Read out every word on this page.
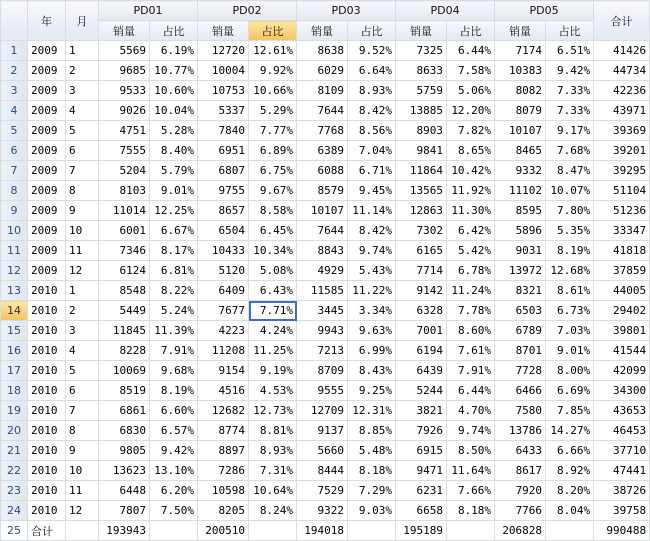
	年	月	PD01		PD02		PD03		PD04		PD05		合计
			销量	占比	销量	占比	销量	占比	销量	占比	销量	占比	
1	2009	1	5569	6.19%	12720	12.61%	8638	9.52%	7325	6.44%	7174	6.51%	41426
2	2009	2	9685	10.77%	10004	9.92%	6029	6.64%	8633	7.58%	10383	9.42%	44734
3	2009	3	9533	10.60%	10753	10.66%	8109	8.93%	5759	5.06%	8082	7.33%	42236
4	2009	4	9026	10.04%	5337	5.29%	7644	8.42%	13885	12.20%	8079	7.33%	43971
5	2009	5	4751	5.28%	7840	7.77%	7768	8.56%	8903	7.82%	10107	9.17%	39369
6	2009	6	7555	8.40%	6951	6.89%	6389	7.04%	9841	8.65%	8465	7.68%	39201
7	2009	7	5204	5.79%	6807	6.75%	6088	6.71%	11864	10.42%	9332	8.47%	39295
8	2009	8	8103	9.01%	9755	9.67%	8579	9.45%	13565	11.92%	11102	10.07%	51104
9	2009	9	11014	12.25%	8657	8.58%	10107	11.14%	12863	11.30%	8595	7.80%	51236
10	2009	10	6001	6.67%	6504	6.45%	7644	8.42%	7302	6.42%	5896	5.35%	33347
11	2009	11	7346	8.17%	10433	10.34%	8843	9.74%	6165	5.42%	9031	8.19%	41818
12	2009	12	6124	6.81%	5120	5.08%	4929	5.43%	7714	6.78%	13972	12.68%	37859
13	2010	1	8548	8.22%	6409	6.43%	11585	11.22%	9142	11.24%	8321	8.61%	44005
14	2010	2	5449	5.24%	7677	7.71%	3445	3.34%	6328	7.78%	6503	6.73%	29402
15	2010	3	11845	11.39%	4223	4.24%	9943	9.63%	7001	8.60%	6789	7.03%	39801
16	2010	4	8228	7.91%	11208	11.25%	7213	6.99%	6194	7.61%	8701	9.01%	41544
17	2010	5	10069	9.68%	9154	9.19%	8709	8.43%	6439	7.91%	7728	8.00%	42099
18	2010	6	8519	8.19%	4516	4.53%	9555	9.25%	5244	6.44%	6466	6.69%	34300
19	2010	7	6861	6.60%	12682	12.73%	12709	12.31%	3821	4.70%	7580	7.85%	43653
20	2010	8	6830	6.57%	8774	8.81%	9137	8.85%	7926	9.74%	13786	14.27%	46453
21	2010	9	9805	9.42%	8897	8.93%	5660	5.48%	6915	8.50%	6433	6.66%	37710
22	2010	10	13623	13.10%	7286	7.31%	8444	8.18%	9471	11.64%	8617	8.92%	47441
23	2010	11	6448	6.20%	10598	10.64%	7529	7.29%	6231	7.66%	7920	8.20%	38726
24	2010	12	7807	7.50%	8205	8.24%	9322	9.03%	6658	8.18%	7766	8.04%	39758
25	合计		193943		200510		194018		195189		206828		990488
